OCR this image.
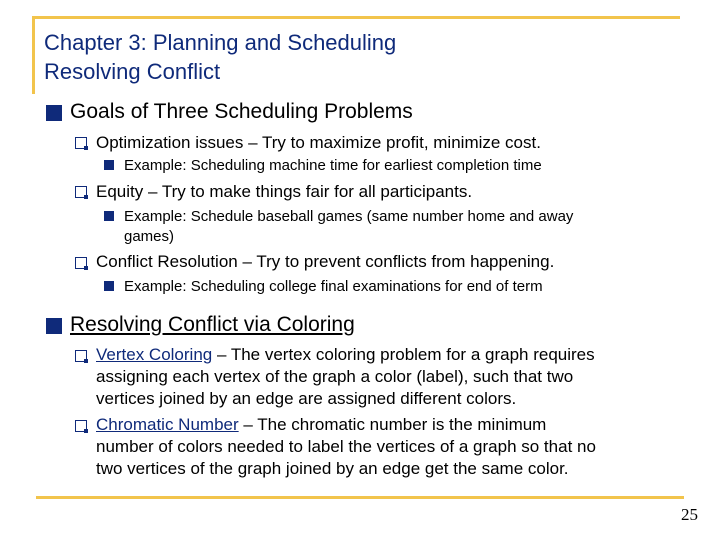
Chapter 3: Planning and Scheduling
Resolving Conflict
Goals of Three Scheduling Problems
Optimization issues – Try to maximize profit, minimize cost.
Example: Scheduling machine time for earliest completion time
Equity – Try to make things fair for all participants.
Example: Schedule baseball games (same number home and away
games)
Conflict Resolution – Try to prevent conflicts from happening.
Example: Scheduling college final examinations for end of term
Resolving Conflict via Coloring
Vertex Coloring – The vertex coloring problem for a graph requires
assigning each vertex of the graph a color (label), such that two
vertices joined by an edge are assigned different colors.
Chromatic Number – The chromatic number is the minimum
number of colors needed to label the vertices of a graph so that no
two vertices of the graph joined by an edge get the same color.
25
